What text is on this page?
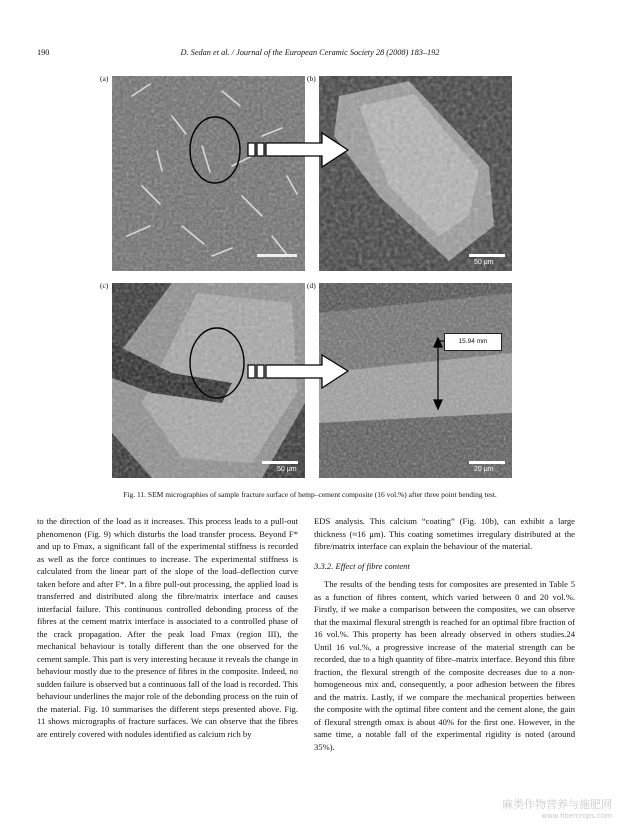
190	D. Sedan et al. / Journal of the European Ceramic Society 28 (2008) 183–192
(a)	(b)
(c)	(d)
15.94 mm
50 μm
50 μm	20 μm
Fig. 11. SEM micrographies of sample fracture surface of hemp–cement composite (16 vol.%) after three point bending test.

to the direction of the load as it increases. This process leads to a pull-out phenomenon (Fig. 9) which disturbs the load transfer process. Beyond F* and up to Fmax, a significant fall of the experimental stiffness is recorded as well as the force continues to increase. The experimental stiffness is calculated from the linear part of the slope of the load–deflection curve taken before and after F*. In a fibre pull-out processing, the applied load is transferred and distributed along the fibre/matrix interface and causes interfacial failure. This continuous controlled debonding process of the fibres at the cement matrix interface is associated to a controlled phase of the crack propagation. After the peak load Fmax (region III), the mechanical behaviour is totally different than the one observed for the cement sample. This part is very interesting because it reveals the change in behaviour mostly due to the presence of fibres in the composite. Indeed, no sudden failure is observed but a continuous fall of the load is recorded. This behaviour underlines the major role of the debonding process on the ruin of the material. Fig. 10 summarises the different steps presented above. Fig. 11 shows micrographs of fracture surfaces. We can observe that the fibres are entirely covered with nodules identified as calcium rich by

EDS analysis. This calcium “coating” (Fig. 10b), can exhibit a large thickness (≈16 μm). This coating sometimes irregulary distributed at the fibre/matrix interface can explain the behaviour of the material.

3.3.2. Effect of fibre content

The results of the bending tests for composites are presented in Table 5 as a function of fibres content, which varied between 0 and 20 vol.%. Firstly, if we make a comparison between the composites, we can observe that the maximal flexural strength is reached for an optimal fibre fraction of 16 vol.%. This property has been already observed in others studies.24 Until 16 vol.%, a progressive increase of the material strength can be recorded, due to a high quantity of fibre–matrix interface. Beyond this fibre fraction, the flexural strength of the composite decreases due to a non-homogeneous mix and, consequently, a poor adhesion between the fibres and the matrix. Lastly, if we compare the mechanical properties between the composite with the optimal fibre content and the cement alone, the gain of flexural strength σmax is about 40% for the first one. However, in the same time, a notable fall of the experimental rigidity is noted (around 35%).

麻类作物营养与施肥网
www.fibercrops.com
